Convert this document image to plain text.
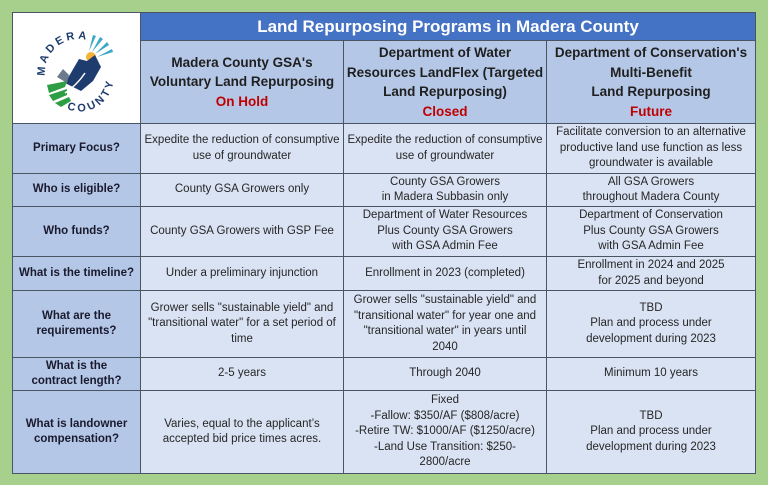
MADERA
COUNTY	Land Repurposing Programs in Madera County		

	Madera County GSA's
Voluntary Land Repurposing
On Hold	Department of Water
Resources LandFlex (Targeted
Land Repurposing)
Closed	Department of Conservation's
Multi-Benefit
Land Repurposing
Future

Primary Focus?	Expedite the reduction of consumptive
use of groundwater	Expedite the reduction of consumptive
use of groundwater	Facilitate conversion to an alternative
productive land use function as less
groundwater is available

Who is eligible?	County GSA Growers only	County GSA Growers
in Madera Subbasin only	All GSA Growers
throughout Madera County

Who funds?	County GSA Growers with GSP Fee	Department of Water Resources
Plus County GSA Growers
with GSA Admin Fee	Department of Conservation
Plus County GSA Growers
with GSA Admin Fee

What is the timeline?	Under a preliminary injunction	Enrollment in 2023 (completed)	Enrollment in 2024 and 2025
for 2025 and beyond

What are the
requirements?	Grower sells "sustainable yield" and
"transitional water" for a set period of
time	Grower sells "sustainable yield" and
"transitional water" for year one and
"transitional water" in years until
2040	TBD
Plan and process under
development during 2023

What is the
contract length?	2-5 years	Through 2040	Minimum 10 years

What is landowner
compensation?	Varies, equal to the applicant’s
accepted bid price times acres.	Fixed
-Fallow: $350/AF ($808/acre)
-Retire TW: $1000/AF ($1250/acre)
-Land Use Transition: $250-
2800/acre	TBD
Plan and process under
development during 2023
